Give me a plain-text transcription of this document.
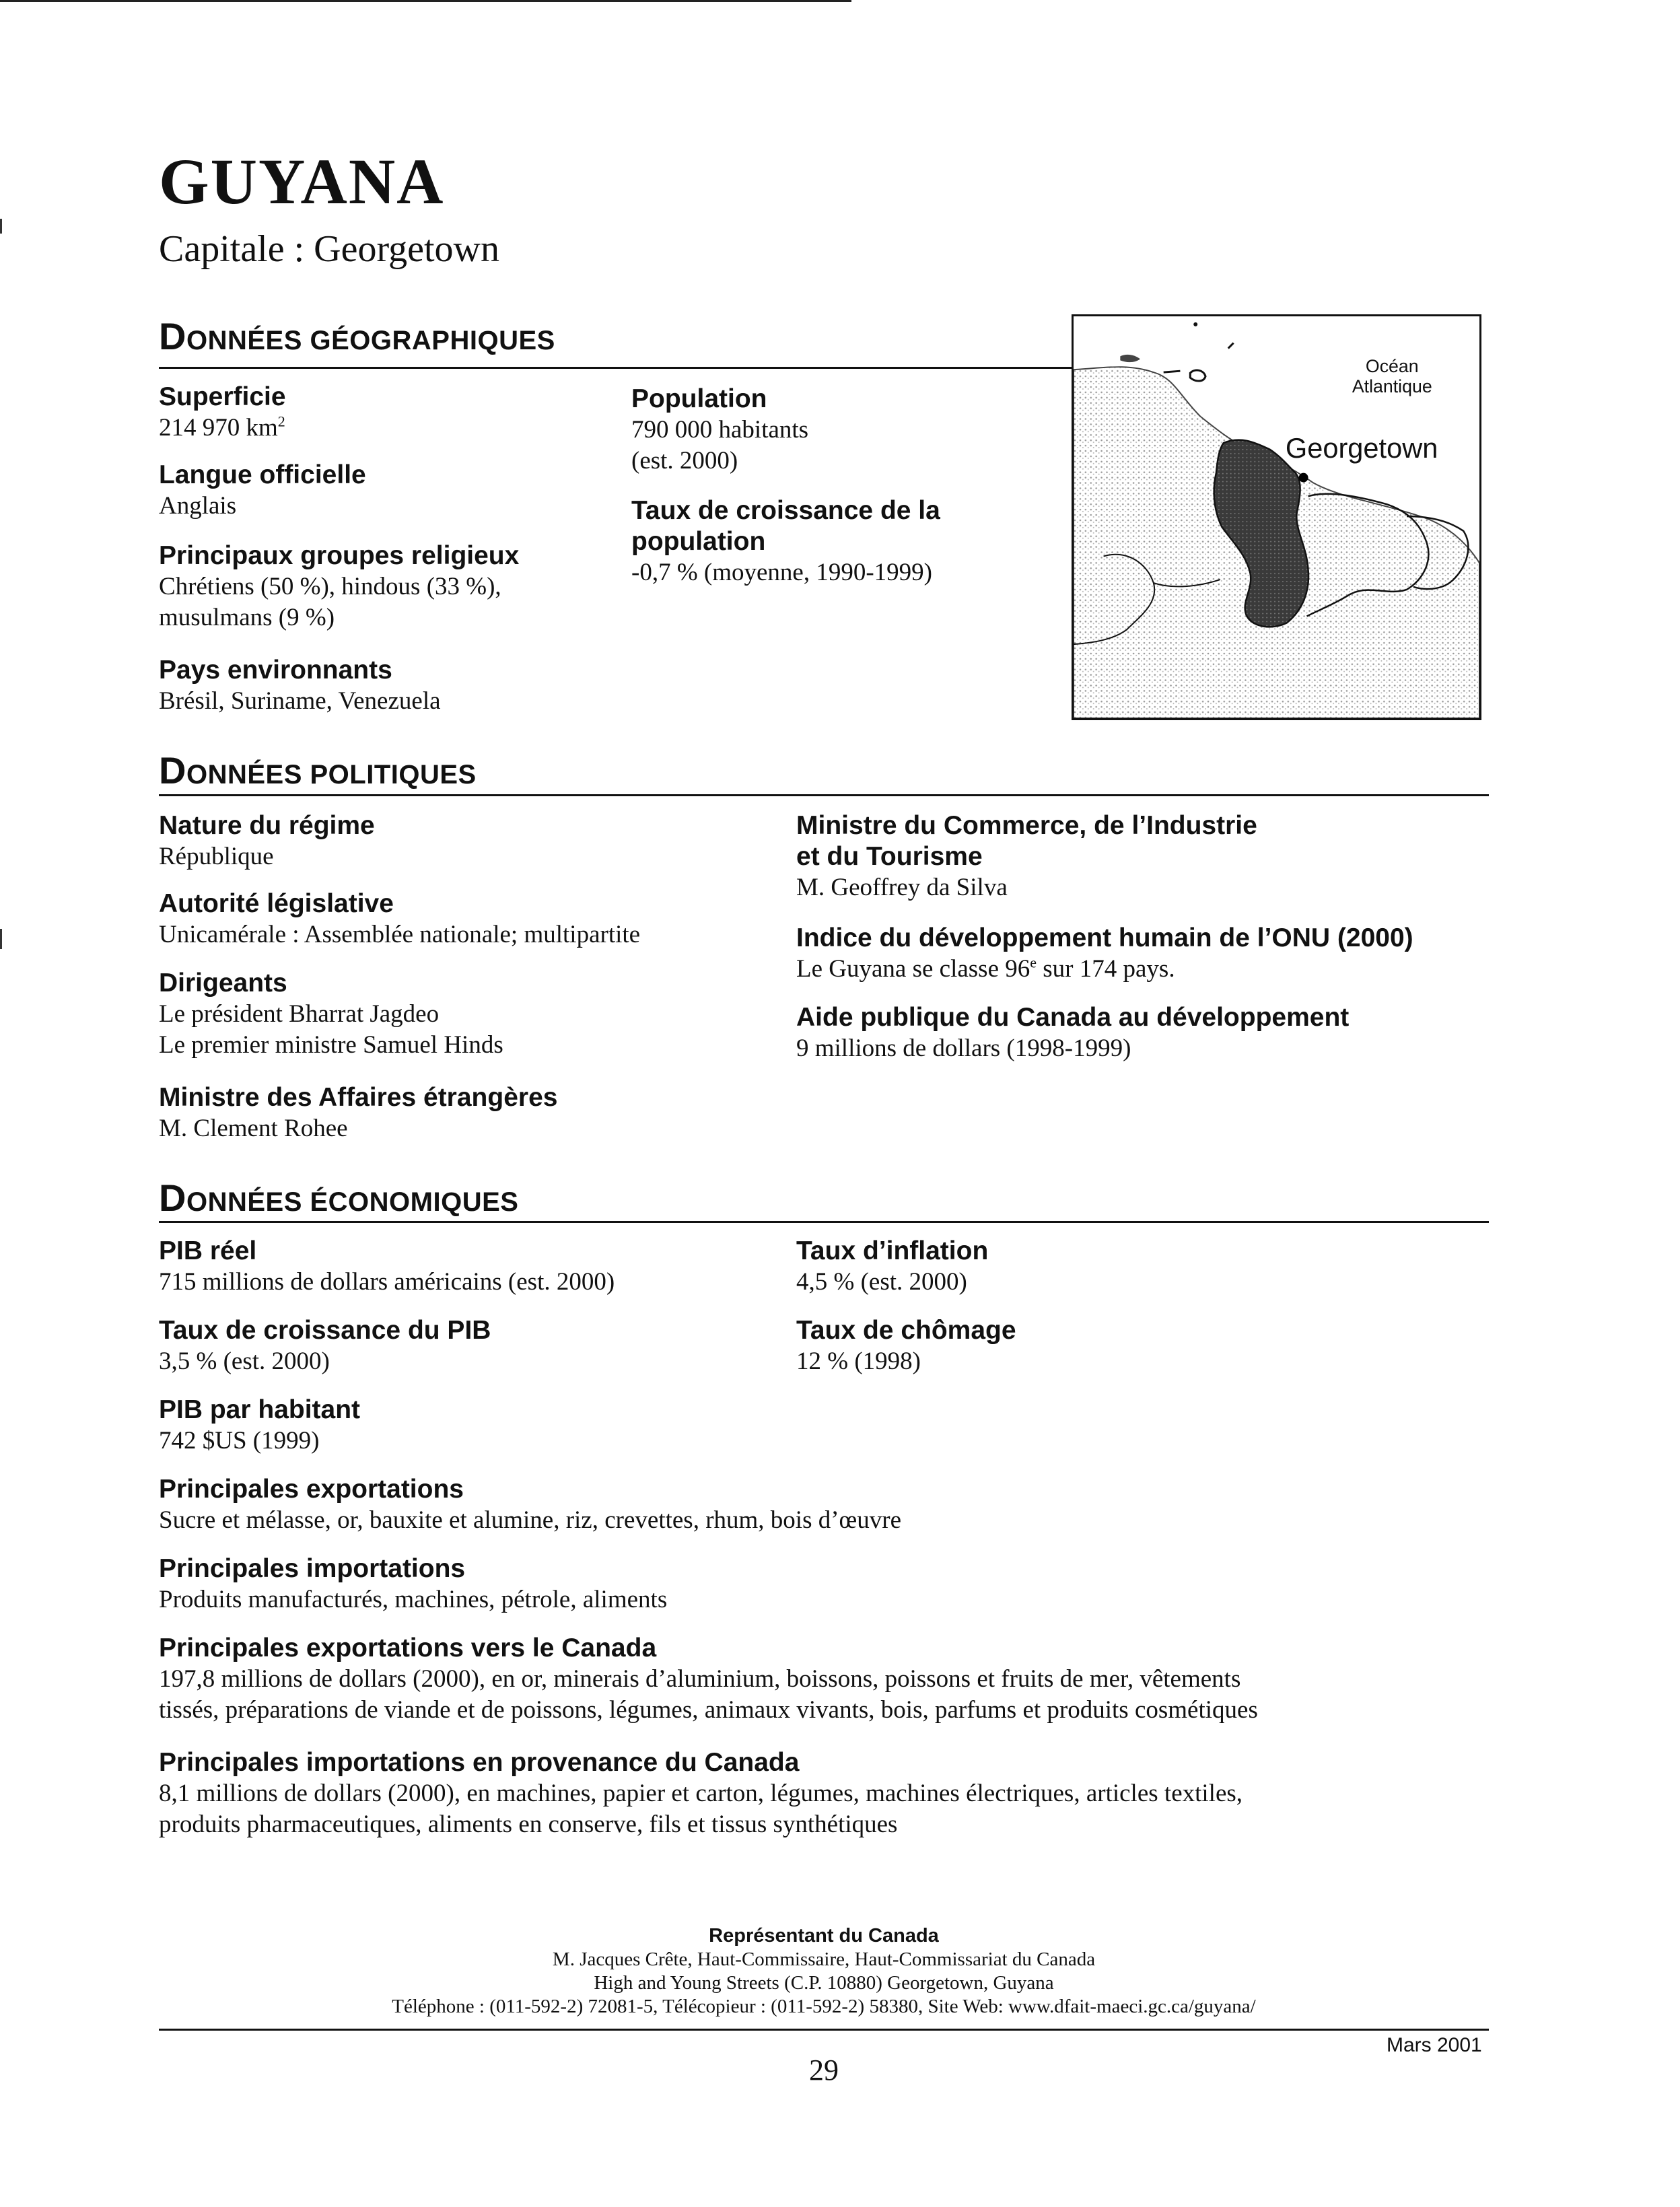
GUYANA
Capitale : Georgetown
DONNÉES GÉOGRAPHIQUES
Superficie
214 970 $km^2$
Langue officielle
Anglais
Principaux groupes religieux
Chrétiens (50 %), hindous (33 %),
musulmans (9 %)
Pays environnants
Brésil, Suriname, Venezuela
Population
790 000 habitants
(est. 2000)
Taux de croissance de la
population
-0,7 % (moyenne, 1990-1999)
Océan
Atlantique
Georgetown
DONNÉES POLITIQUES
Nature du régime
République
Autorité législative
Unicamérale : Assemblée nationale; multipartite
Dirigeants
Le président Bharrat Jagdeo
Le premier ministre Samuel Hinds
Ministre des Affaires étrangères
M. Clement Rohee
Ministre du Commerce, de l’Industrie
et du Tourisme
M. Geoffrey da Silva
Indice du développement humain de l’ONU (2000)
Le Guyana se classe 96e sur 174 pays.
Aide publique du Canada au développement
9 millions de dollars (1998-1999)
DONNÉES ÉCONOMIQUES
PIB réel
715 millions de dollars américains (est. 2000)
Taux de croissance du PIB
3,5 % (est. 2000)
PIB par habitant
742 $US (1999)
Taux d’inflation
4,5 % (est. 2000)
Taux de chômage
12 % (1998)
Principales exportations
Sucre et mélasse, or, bauxite et alumine, riz, crevettes, rhum, bois d’œuvre
Principales importations
Produits manufacturés, machines, pétrole, aliments
Principales exportations vers le Canada
197,8 millions de dollars (2000), en or, minerais d’aluminium, boissons, poissons et fruits de mer, vêtements
tissés, préparations de viande et de poissons, légumes, animaux vivants, bois, parfums et produits cosmétiques
Principales importations en provenance du Canada
8,1 millions de dollars (2000), en machines, papier et carton, légumes, machines électriques, articles textiles,
produits pharmaceutiques, aliments en conserve, fils et tissus synthétiques
Représentant du Canada
M. Jacques Crête, Haut-Commissaire, Haut-Commissariat du Canada
High and Young Streets (C.P. 10880) Georgetown, Guyana
Téléphone : (011-592-2) 72081-5, Télécopieur : (011-592-2) 58380, Site Web: www.dfait-maeci.gc.ca/guyana/
Mars 2001
29
